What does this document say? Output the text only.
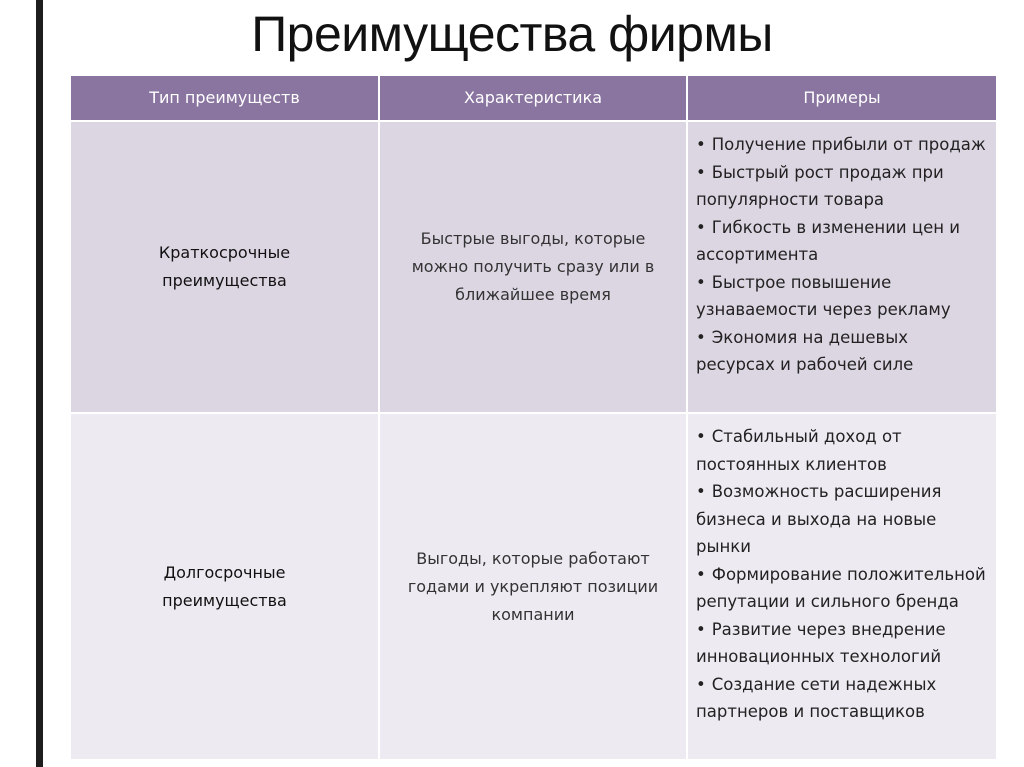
Преимущества фирмы
Тип преимуществ	Характеристика	Примеры
Краткосрочные преимущества
Быстрые выгоды, которые можно получить сразу или в ближайшее время
• Получение прибыли от продаж
• Быстрый рост продаж при популярности товара
• Гибкость в изменении цен и ассортимента
• Быстрое повышение узнаваемости через рекламу
• Экономия на дешевых ресурсах и рабочей силе
Долгосрочные преимущества
Выгоды, которые работают годами и укрепляют позиции компании
• Стабильный доход от постоянных клиентов
• Возможность расширения бизнеса и выхода на новые рынки
• Формирование положительной репутации и сильного бренда
• Развитие через внедрение инновационных технологий
• Создание сети надежных партнеров и поставщиков
